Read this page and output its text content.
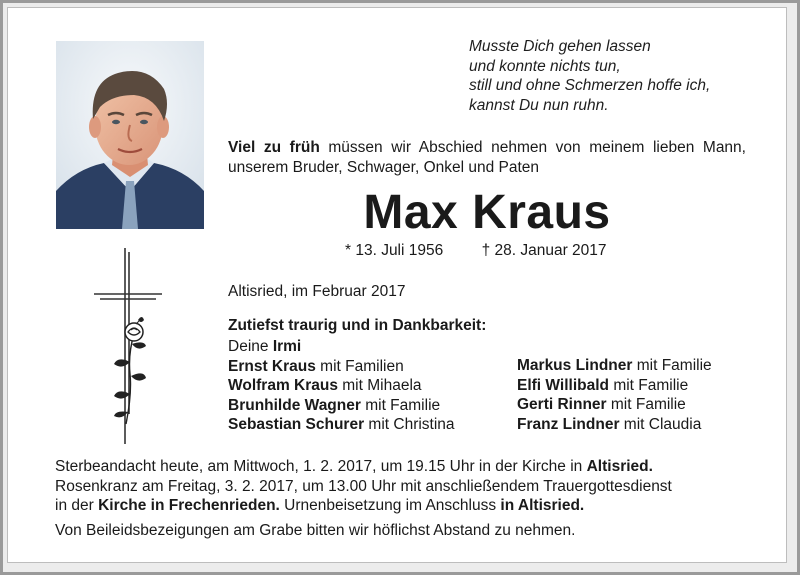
Musste Dich gehen lassen
und konnte nichts tun,
still und ohne Schmerzen hoffe ich,
kannst Du nun ruhn.
Viel zu früh müssen wir Abschied nehmen von meinem lieben Mann, unserem Bruder, Schwager, Onkel und Paten
Max Kraus
* 13. Juli 1956 † 28. Januar 2017
Altisried, im Februar 2017
Zutiefst traurig und in Dankbarkeit:
Deine Irmi
Ernst Kraus mit Familien
Wolfram Kraus mit Mihaela
Brunhilde Wagner mit Familie
Sebastian Schurer mit Christina
Markus Lindner mit Familie
Elfi Willibald mit Familie
Gerti Rinner mit Familie
Franz Lindner mit Claudia
Sterbeandacht heute, am Mittwoch, 1. 2. 2017, um 19.15 Uhr in der Kirche in Altisried.
Rosenkranz am Freitag, 3. 2. 2017, um 13.00 Uhr mit anschließendem Trauergottesdienst
in der Kirche in Frechenrieden. Urnenbeisetzung im Anschluss in Altisried.

Von Beileidsbezeigungen am Grabe bitten wir höflichst Abstand zu nehmen.
